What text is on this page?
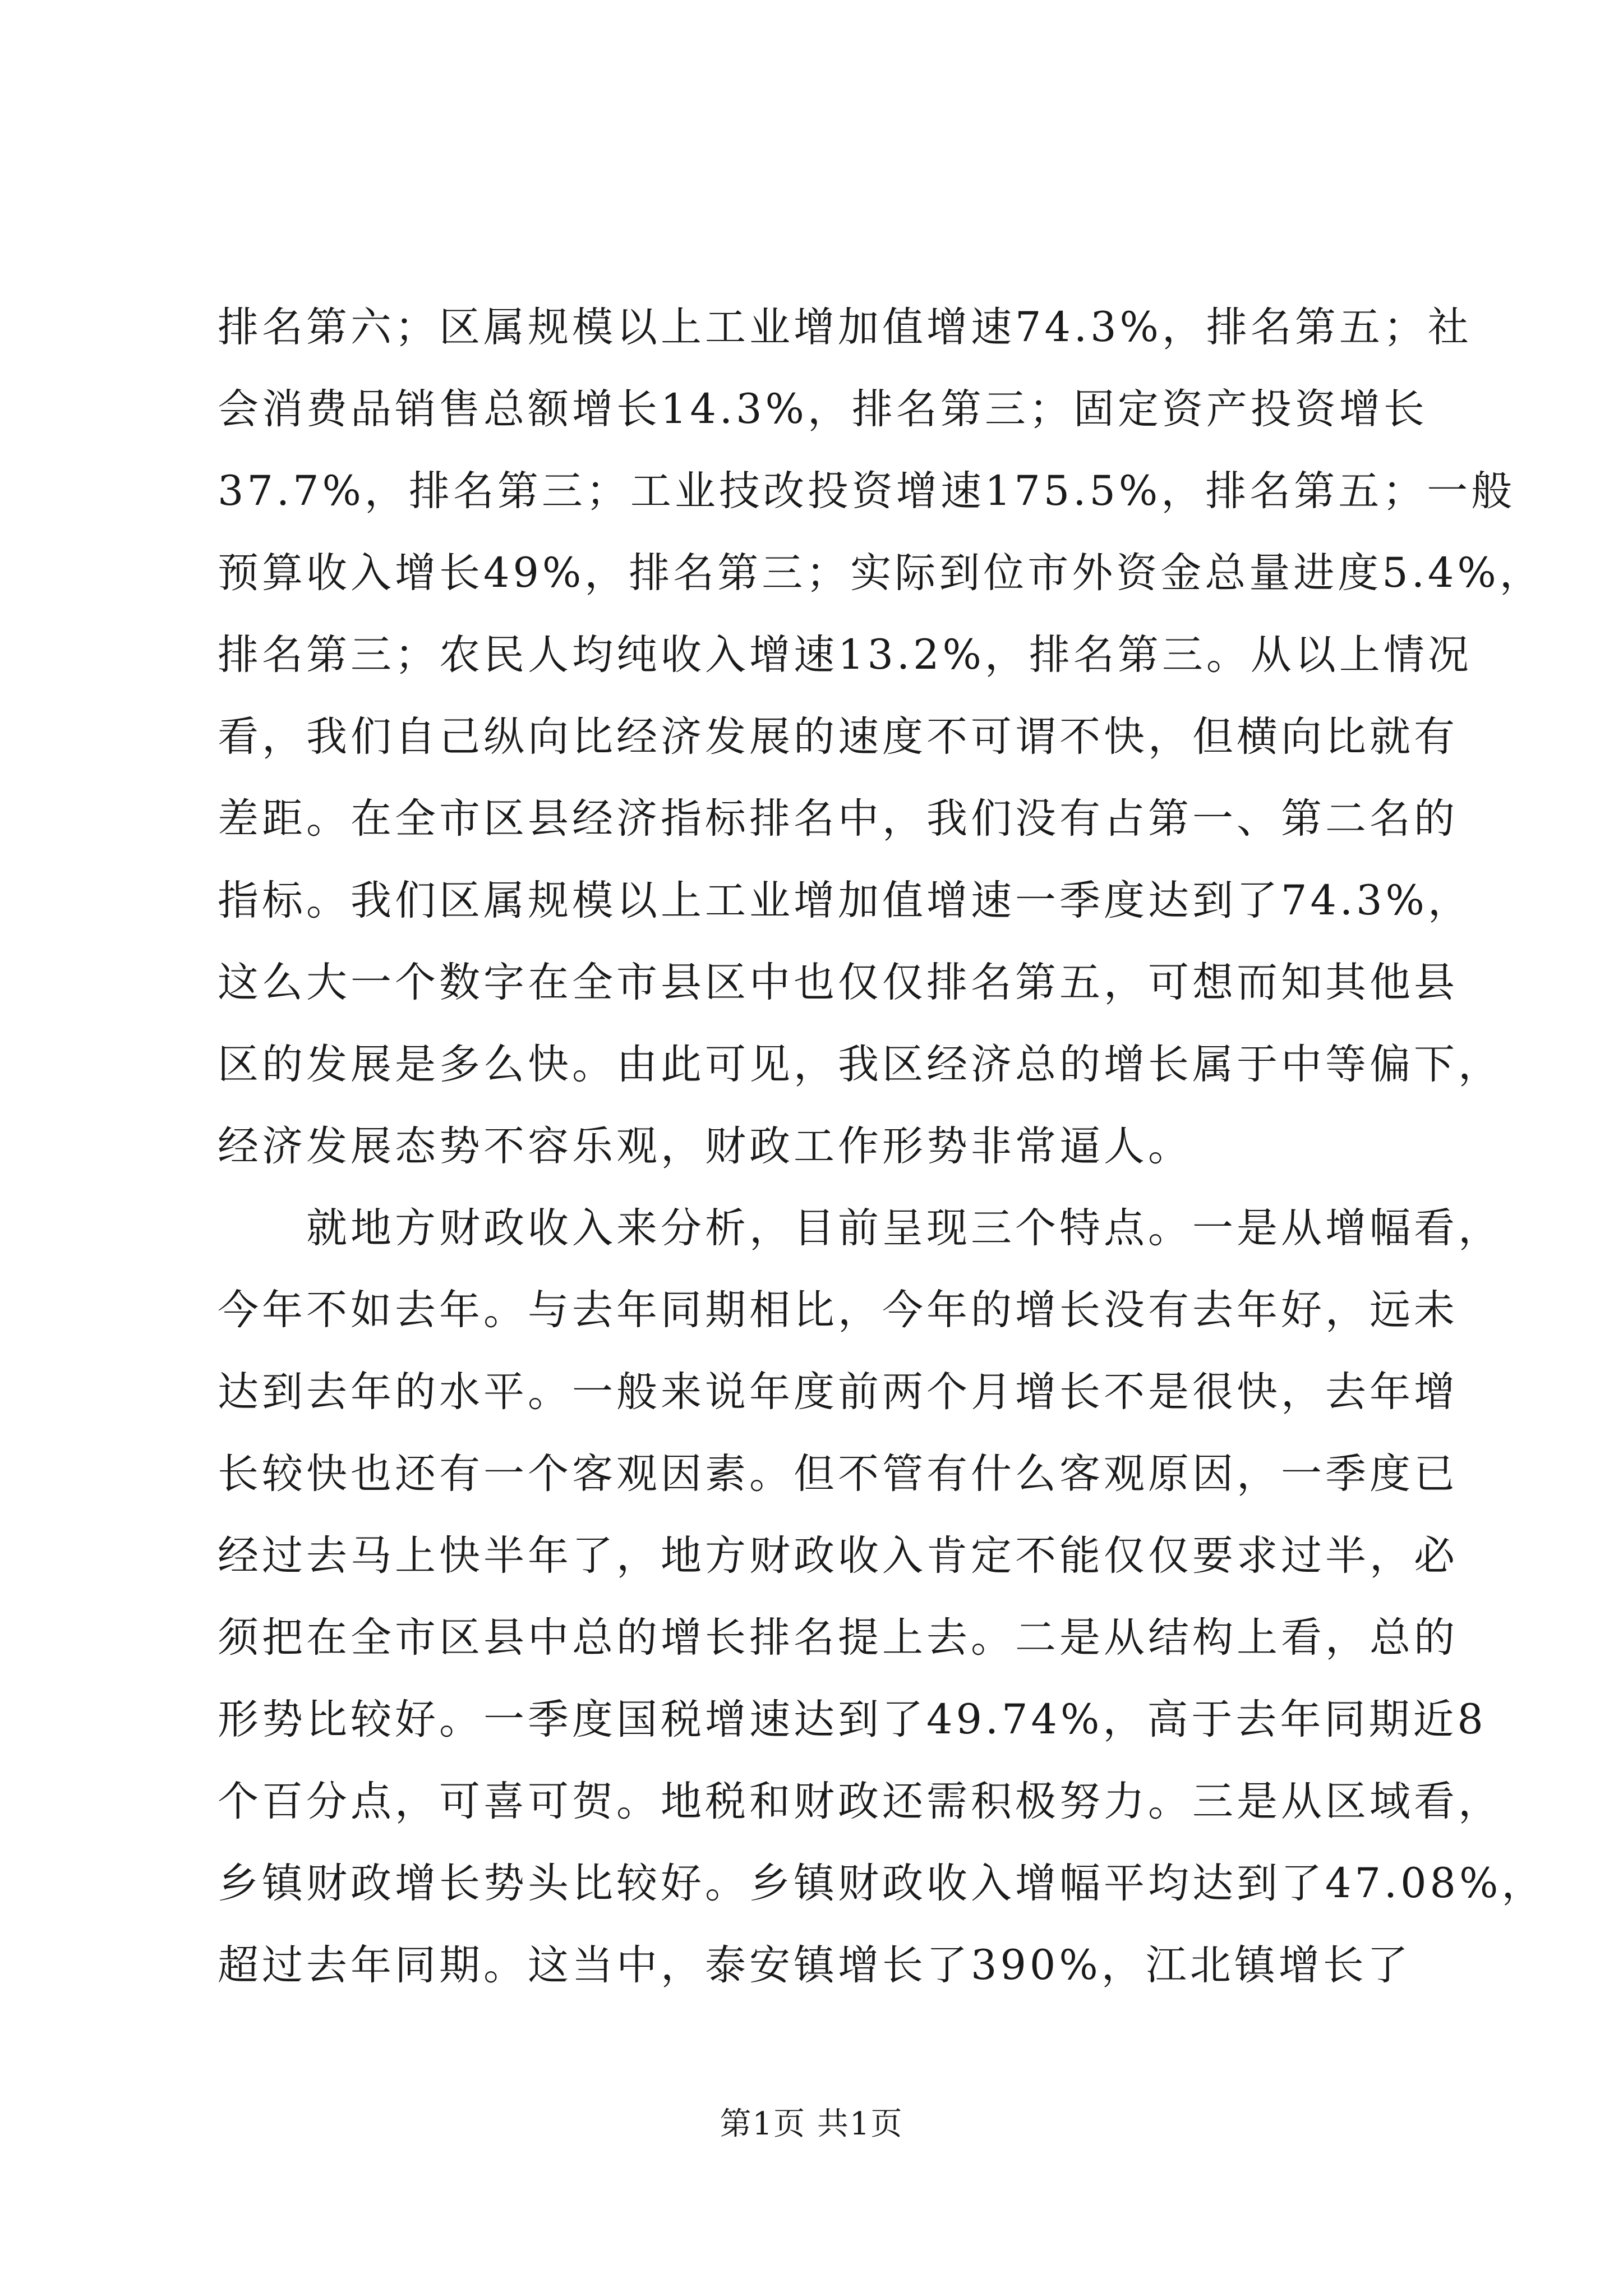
排名第六；区属规模以上工业增加值增速74.3%，排名第五；社
会消费品销售总额增长14.3%，排名第三；固定资产投资增长
37.7%，排名第三；工业技改投资增速175.5%，排名第五；一般
预算收入增长49%，排名第三；实际到位市外资金总量进度5.4%，
排名第三；农民人均纯收入增速13.2%，排名第三。从以上情况
看，我们自己纵向比经济发展的速度不可谓不快，但横向比就有
差距。在全市区县经济指标排名中，我们没有占第一、第二名的
指标。我们区属规模以上工业增加值增速一季度达到了74.3%，
这么大一个数字在全市县区中也仅仅排名第五，可想而知其他县
区的发展是多么快。由此可见，我区经济总的增长属于中等偏下，
经济发展态势不容乐观，财政工作形势非常逼人。
　　就地方财政收入来分析，目前呈现三个特点。一是从增幅看，
今年不如去年。与去年同期相比，今年的增长没有去年好，远未
达到去年的水平。一般来说年度前两个月增长不是很快，去年增
长较快也还有一个客观因素。但不管有什么客观原因，一季度已
经过去马上快半年了，地方财政收入肯定不能仅仅要求过半，必
须把在全市区县中总的增长排名提上去。二是从结构上看，总的
形势比较好。一季度国税增速达到了49.74%，高于去年同期近8
个百分点，可喜可贺。地税和财政还需积极努力。三是从区域看，
乡镇财政增长势头比较好。乡镇财政收入增幅平均达到了47.08%，
超过去年同期。这当中，泰安镇增长了390%，江北镇增长了
第1页 共1页
